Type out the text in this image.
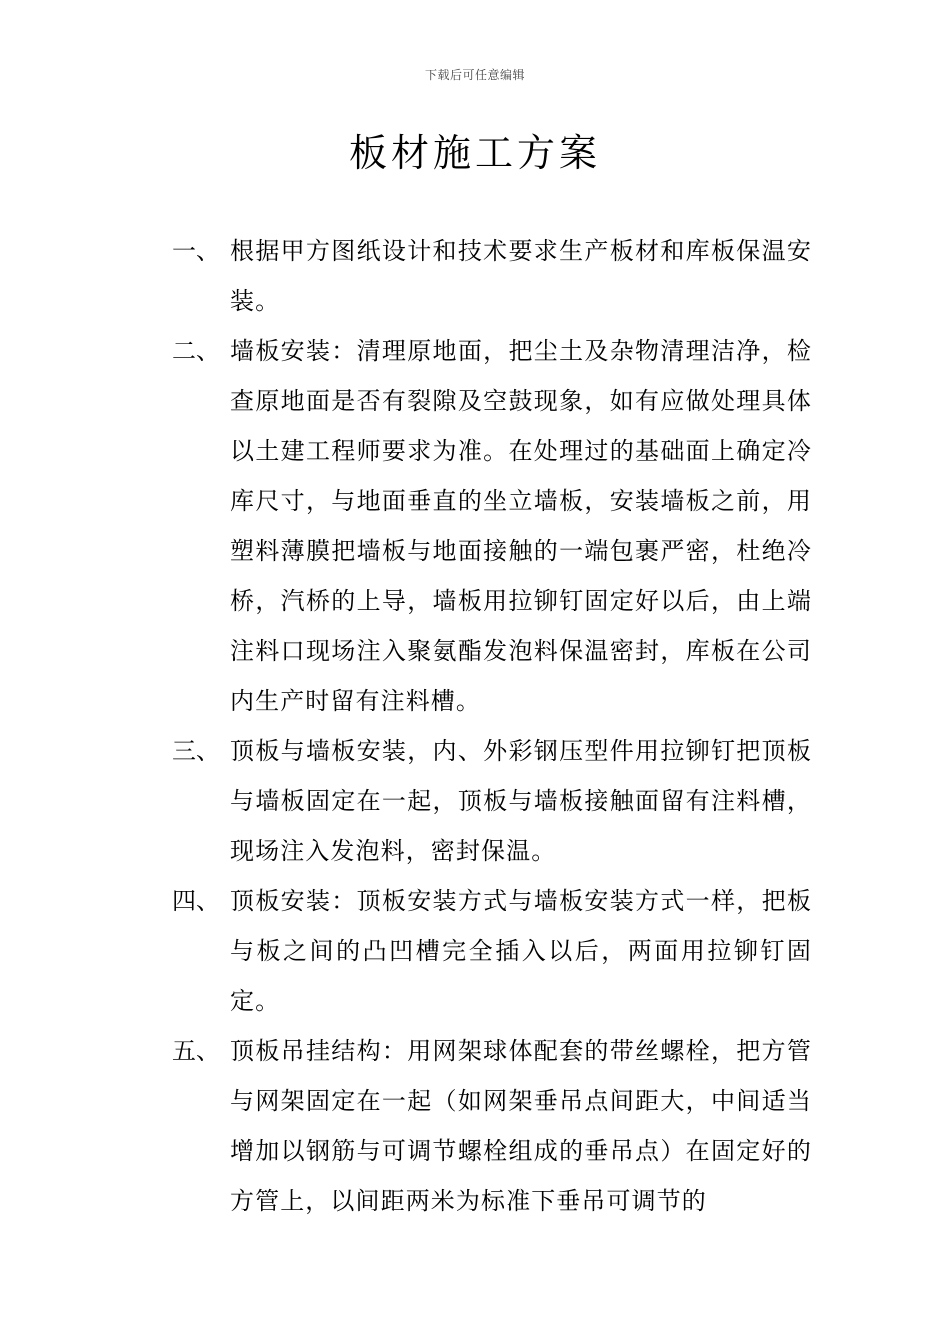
下载后可任意编辑
板材施工方案
一、 根据甲方图纸设计和技术要求生产板材和库板保温安装。
二、 墙板安装：清理原地面，把尘土及杂物清理洁净，检查原地面是否有裂隙及空鼓现象，如有应做处理具体以土建工程师要求为准。在处理过的基础面上确定冷库尺寸，与地面垂直的坐立墙板，安装墙板之前，用塑料薄膜把墙板与地面接触的一端包裹严密，杜绝冷桥，汽桥的上导，墙板用拉铆钉固定好以后，由上端注料口现场注入聚氨酯发泡料保温密封，库板在公司内生产时留有注料槽。
三、 顶板与墙板安装，内、外彩钢压型件用拉铆钉把顶板与墙板固定在一起，顶板与墙板接触面留有注料槽，现场注入发泡料，密封保温。
四、 顶板安装：顶板安装方式与墙板安装方式一样，把板与板之间的凸凹槽完全插入以后，两面用拉铆钉固定。
五、 顶板吊挂结构：用网架球体配套的带丝螺栓，把方管与网架固定在一起（如网架垂吊点间距大，中间适当增加以钢筋与可调节螺栓组成的垂吊点）在固定好的方管上，以间距两米为标准下垂吊可调节的
